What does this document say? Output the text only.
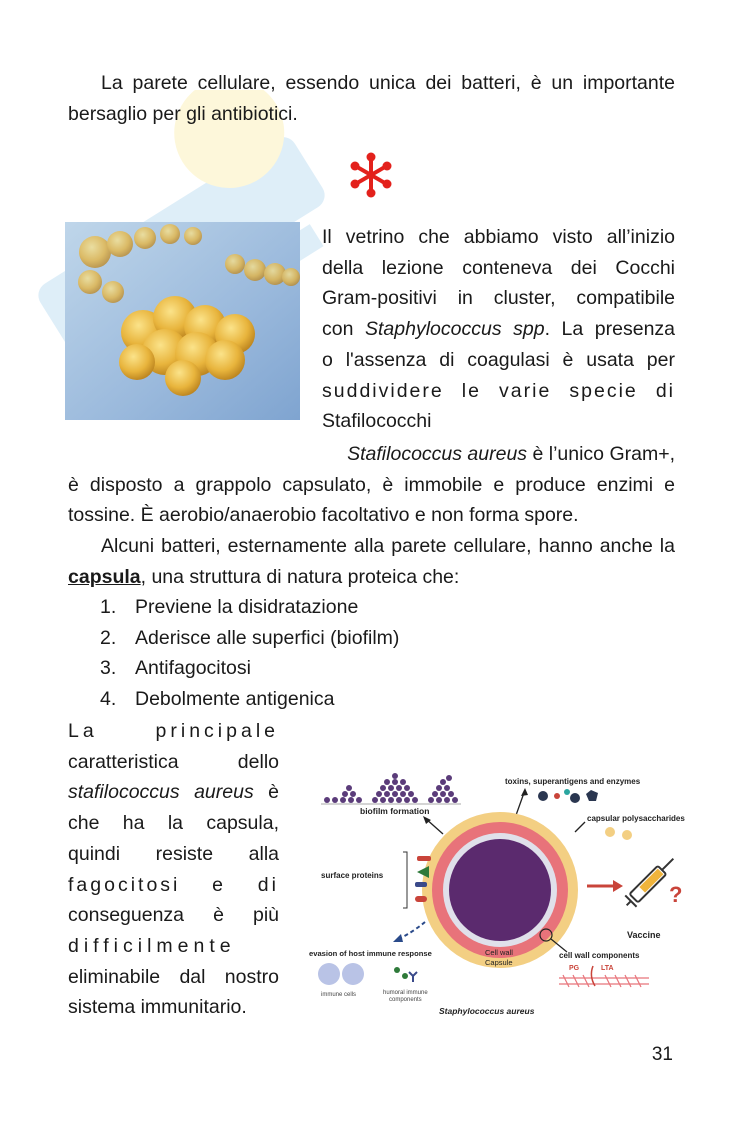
La parete cellulare, essendo unica dei batteri, è un importante bersaglio per gli antibiotici.

Il vetrino che abbiamo visto all’inizio
della lezione conteneva dei Cocchi
Gram-positivi in cluster, compatibile
con Staphylococcus spp. La presenza
o l'assenza di coagulasi è usata per
suddividere le varie specie di
Stafilococchi

Stafilococcus aureus è l’unico Gram+,
è disposto a grappolo capsulato, è immobile e produce enzimi e tossine. È aerobio/anaerobio facoltativo e non forma spore.

Alcuni batteri, esternamente alla parete cellulare, hanno anche la capsula, una struttura di natura proteica che:

1. Previene la disidratazione
2. Aderisce alle superfici (biofilm)
3. Antifagocitosi
4. Debolmente antigenica

La principale
caratteristica dello
stafilococcus aureus è
che ha la capsula,
quindi resiste alla
fagocitosi e di
conseguenza è più
difficilmente
eliminabile dal nostro
sistema immunitario.

biofilm formation
toxins, superantigens and enzymes
capsular polysaccharides
Cell wall
Capsule
surface proteins
?
Vaccine
evasion of host immune response
immune cells	humoral immune
components
cell wall components
PG	LTA
Staphylococcus aureus
31
